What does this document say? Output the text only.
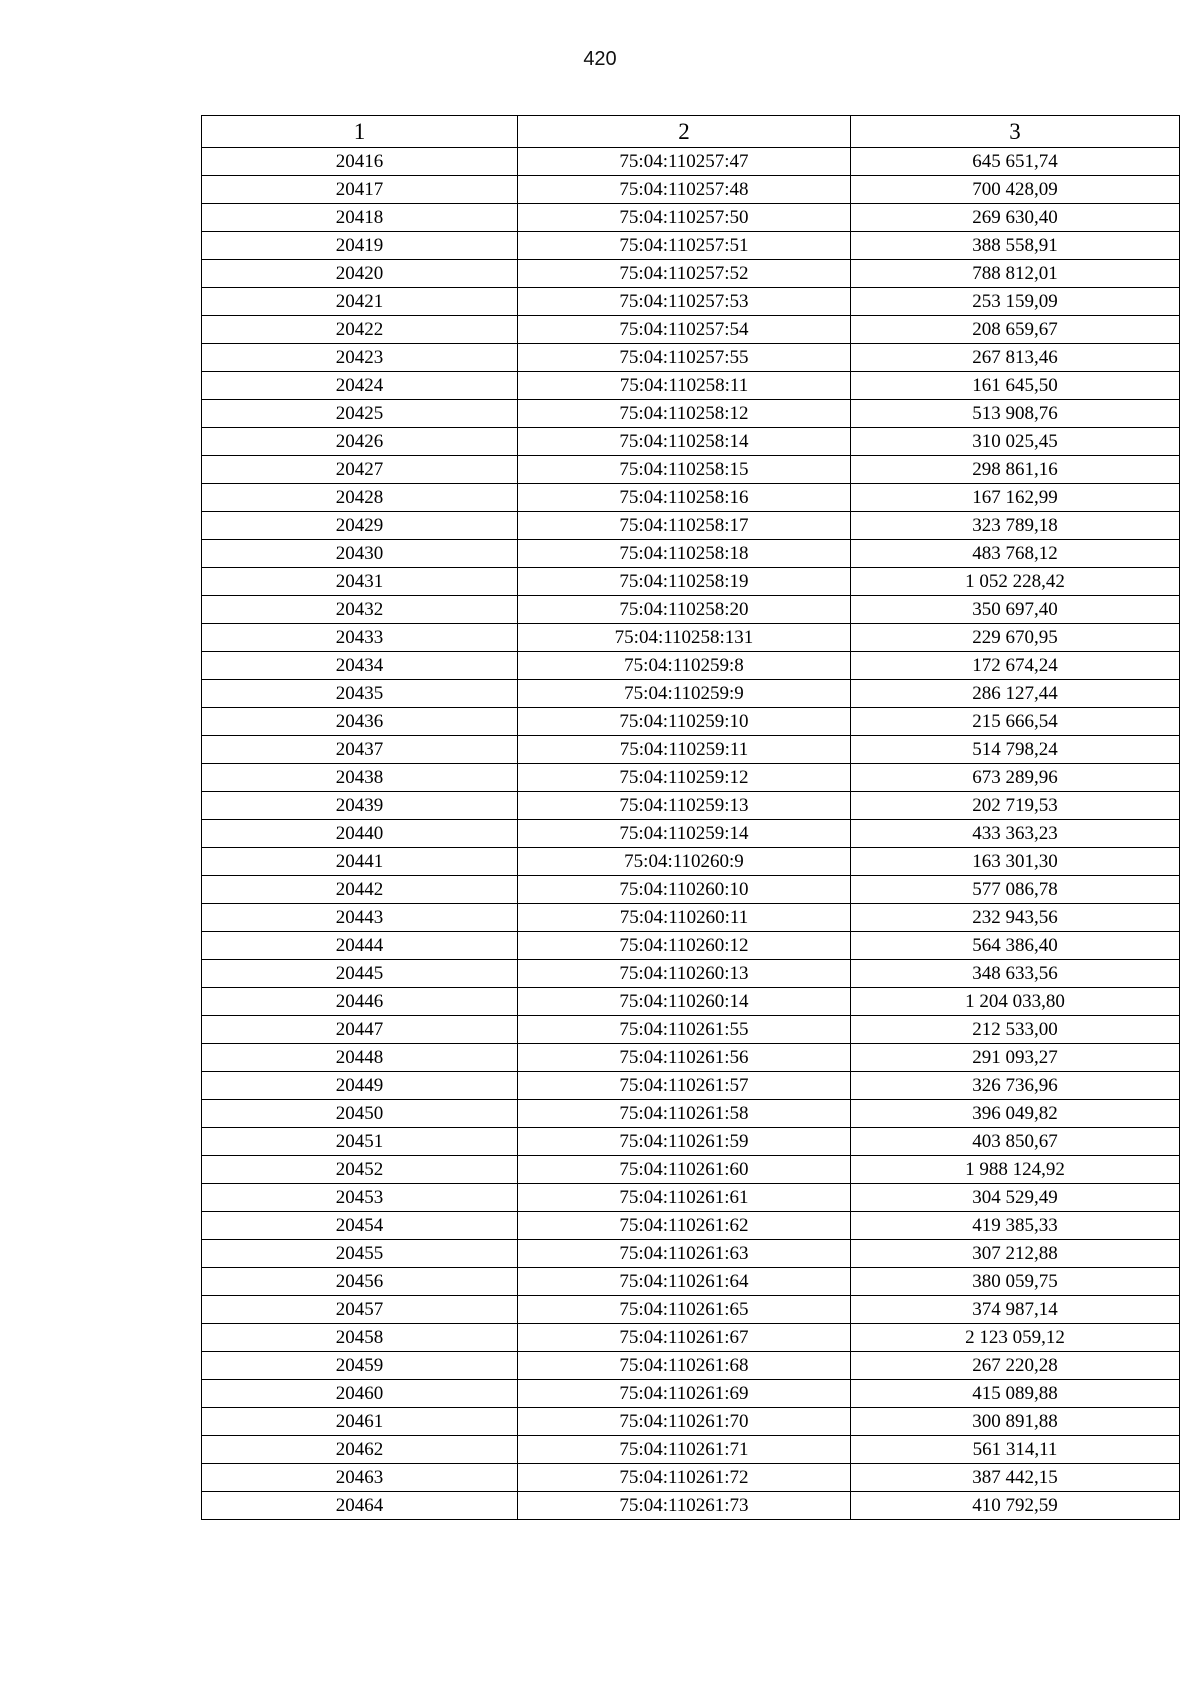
420
1	2	3
20416	75:04:110257:47	645 651,74
20417	75:04:110257:48	700 428,09
20418	75:04:110257:50	269 630,40
20419	75:04:110257:51	388 558,91
20420	75:04:110257:52	788 812,01
20421	75:04:110257:53	253 159,09
20422	75:04:110257:54	208 659,67
20423	75:04:110257:55	267 813,46
20424	75:04:110258:11	161 645,50
20425	75:04:110258:12	513 908,76
20426	75:04:110258:14	310 025,45
20427	75:04:110258:15	298 861,16
20428	75:04:110258:16	167 162,99
20429	75:04:110258:17	323 789,18
20430	75:04:110258:18	483 768,12
20431	75:04:110258:19	1 052 228,42
20432	75:04:110258:20	350 697,40
20433	75:04:110258:131	229 670,95
20434	75:04:110259:8	172 674,24
20435	75:04:110259:9	286 127,44
20436	75:04:110259:10	215 666,54
20437	75:04:110259:11	514 798,24
20438	75:04:110259:12	673 289,96
20439	75:04:110259:13	202 719,53
20440	75:04:110259:14	433 363,23
20441	75:04:110260:9	163 301,30
20442	75:04:110260:10	577 086,78
20443	75:04:110260:11	232 943,56
20444	75:04:110260:12	564 386,40
20445	75:04:110260:13	348 633,56
20446	75:04:110260:14	1 204 033,80
20447	75:04:110261:55	212 533,00
20448	75:04:110261:56	291 093,27
20449	75:04:110261:57	326 736,96
20450	75:04:110261:58	396 049,82
20451	75:04:110261:59	403 850,67
20452	75:04:110261:60	1 988 124,92
20453	75:04:110261:61	304 529,49
20454	75:04:110261:62	419 385,33
20455	75:04:110261:63	307 212,88
20456	75:04:110261:64	380 059,75
20457	75:04:110261:65	374 987,14
20458	75:04:110261:67	2 123 059,12
20459	75:04:110261:68	267 220,28
20460	75:04:110261:69	415 089,88
20461	75:04:110261:70	300 891,88
20462	75:04:110261:71	561 314,11
20463	75:04:110261:72	387 442,15
20464	75:04:110261:73	410 792,59
